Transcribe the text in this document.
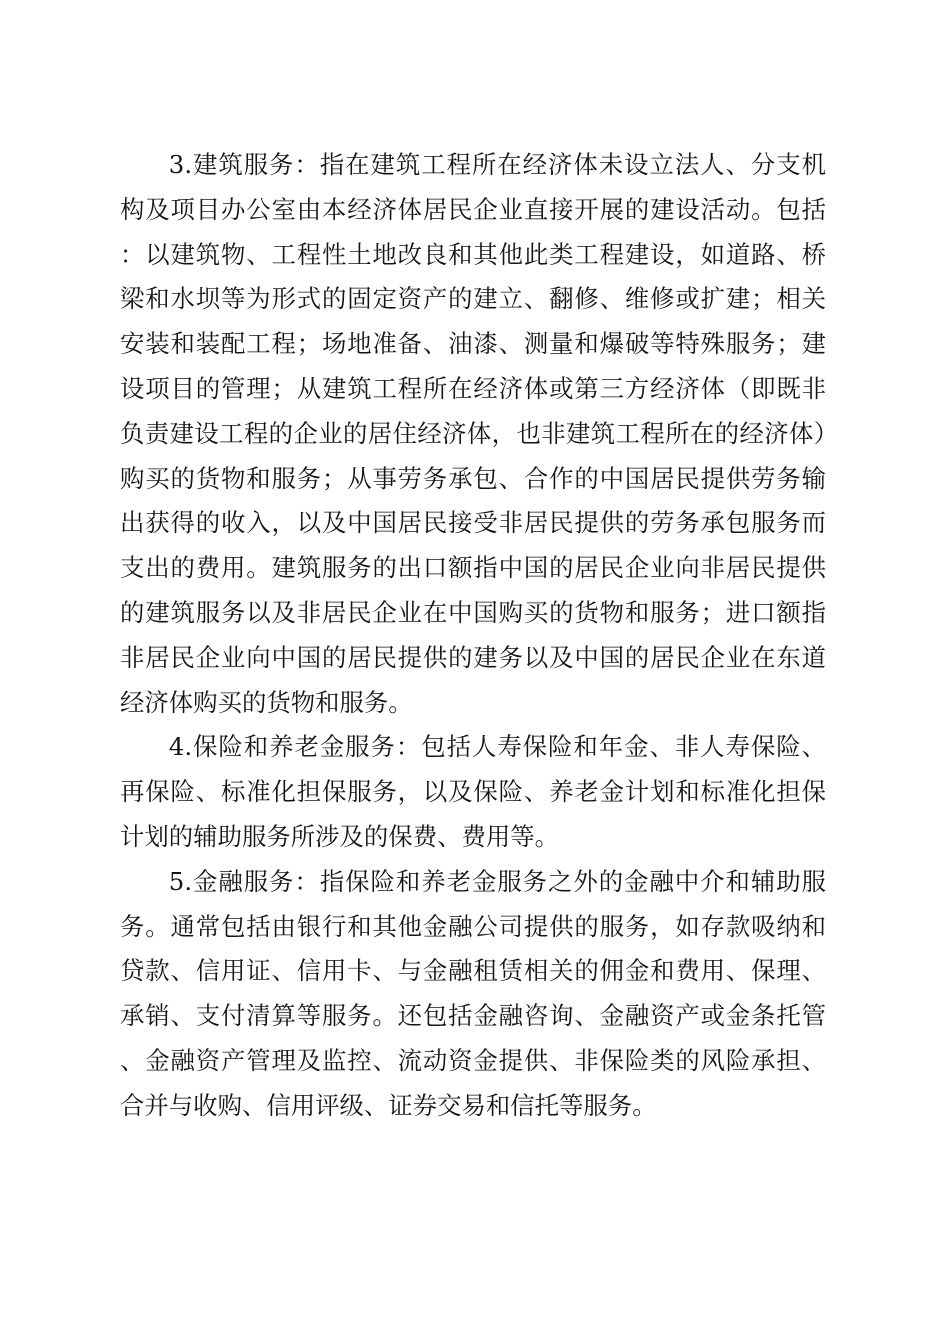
3.建筑服务：指在建筑工程所在经济体未设立法人、分支机构及项目办公室由本经济体居民企业直接开展的建设活动。包括：以建筑物、工程性土地改良和其他此类工程建设，如道路、桥梁和水坝等为形式的固定资产的建立、翻修、维修或扩建；相关安装和装配工程；场地准备、油漆、测量和爆破等特殊服务；建设项目的管理；从建筑工程所在经济体或第三方经济体（即既非负责建设工程的企业的居住经济体，也非建筑工程所在的经济体）购买的货物和服务；从事劳务承包、合作的中国居民提供劳务输出获得的收入，以及中国居民接受非居民提供的劳务承包服务而支出的费用。建筑服务的出口额指中国的居民企业向非居民提供的建筑服务以及非居民企业在中国购买的货物和服务；进口额指非居民企业向中国的居民提供的建务以及中国的居民企业在东道经济体购买的货物和服务。

4.保险和养老金服务：包括人寿保险和年金、非人寿保险、再保险、标准化担保服务，以及保险、养老金计划和标准化担保计划的辅助服务所涉及的保费、费用等。

5.金融服务：指保险和养老金服务之外的金融中介和辅助服务。通常包括由银行和其他金融公司提供的服务，如存款吸纳和贷款、信用证、信用卡、与金融租赁相关的佣金和费用、保理、承销、支付清算等服务。还包括金融咨询、金融资产或金条托管、金融资产管理及监控、流动资金提供、非保险类的风险承担、合并与收购、信用评级、证券交易和信托等服务。
